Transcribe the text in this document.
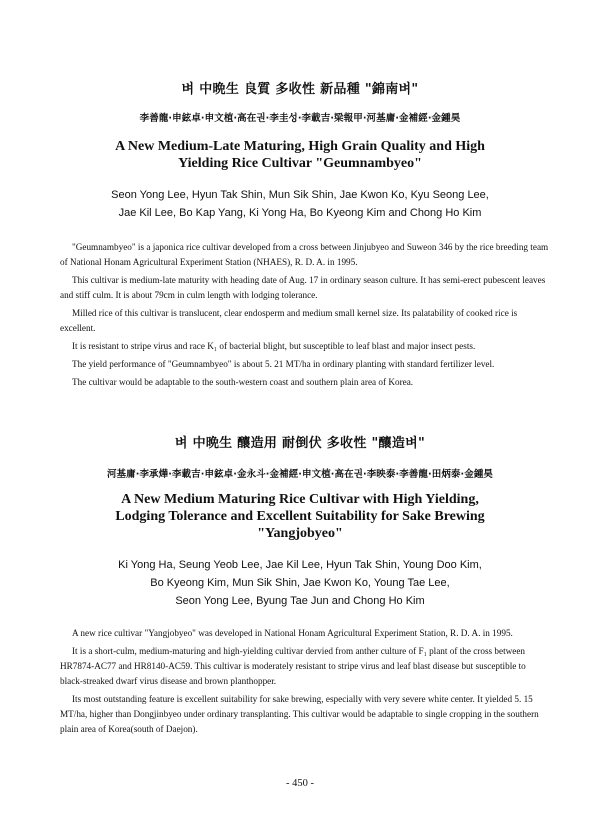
벼 中晩生 良質 多收性 新品種 "錦南벼"
李善龍·申鉉卓·申文植·高在권·李圭성·李載吉·梁報甲·河基庸·金補經·金鍾昊
A New Medium-Late Maturing, High Grain Quality and High
Yielding Rice Cultivar "Geumnambyeo"
Seon Yong Lee, Hyun Tak Shin, Mun Sik Shin, Jae Kwon Ko, Kyu Seong Lee,
Jae Kil Lee, Bo Kap Yang, Ki Yong Ha, Bo Kyeong Kim and Chong Ho Kim

"Geumnambyeo" is a japonica rice cultivar developed from a cross between Jinjubyeo and Suweon 346 by the rice breeding team of National Honam Agricultural Experiment Station (NHAES), R. D. A. in 1995.

This cultivar is medium-late maturity with heading date of Aug. 17 in ordinary season culture. It has semi-erect pubescent leaves and stiff culm. It is about 79cm in culm length with lodging tolerance.

Milled rice of this cultivar is translucent, clear endosperm and medium small kernel size. Its palatability of cooked rice is excellent.

It is resistant to stripe virus and race K₁ of bacterial blight, but susceptible to leaf blast and major insect pests.

The yield performance of "Geumnambyeo" is about 5. 21 MT/ha in ordinary planting with standard fertilizer level.

The cultivar would be adaptable to the south-western coast and southern plain area of Korea.

벼 中晩生 釀造用 耐倒伏 多收性 "釀造벼"
河基庸·李承燁·李載吉·申鉉卓·金永斗·金補經·申文植·高在권·李映泰·李善龍·田炳泰·金鍾昊
A New Medium Maturing Rice Cultivar with High Yielding,
Lodging Tolerance and Excellent Suitability for Sake Brewing
"Yangjobyeo"
Ki Yong Ha, Seung Yeob Lee, Jae Kil Lee, Hyun Tak Shin, Young Doo Kim,
Bo Kyeong Kim, Mun Sik Shin, Jae Kwon Ko, Young Tae Lee,
Seon Yong Lee, Byung Tae Jun and Chong Ho Kim

A new rice cultivar "Yangjobyeo" was developed in National Honam Agricultural Experiment Station, R. D. A. in 1995.

It is a short-culm, medium-maturing and high-yielding cultivar dervied from anther culture of F₁ plant of the cross between HR7874-AC77 and HR8140-AC59. This cultivar is moderately resistant to stripe virus and leaf blast disease but susceptible to black-streaked dwarf virus disease and brown planthopper.

Its most outstanding feature is excellent suitability for sake brewing, especially with very severe white center. It yielded 5. 15 MT/ha, higher than Dongjinbyeo under ordinary transplanting. This cultivar would be adaptable to single cropping in the southern plain area of Korea(south of Daejon).

- 450 -
